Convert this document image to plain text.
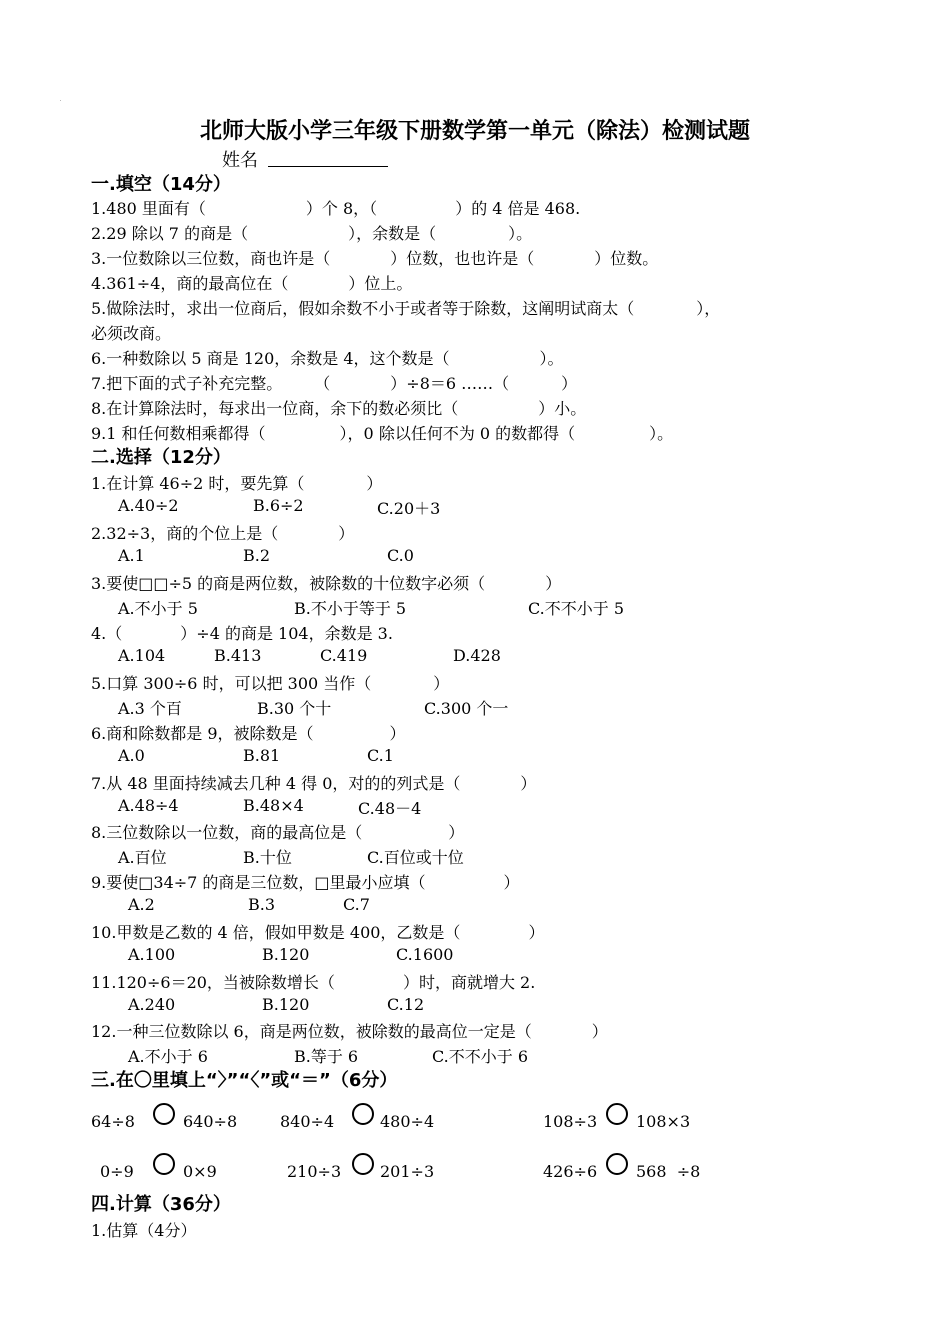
北师大版小学三年级下册数学第一单元（除法）检测试题
姓名
一.填空（14分）
1.480 里面有（	）个 8，（	）的 4 倍是 468.
2.29 除以 7 的商是（	），余数是（	）。
3.一位数除以三位数，商也许是（	）位数，也也许是（	）位数。
4.361÷4，商的最高位在（	）位上。
5.做除法时，求出一位商后，假如余数不小于或者等于除数，这阐明试商太（	），
必须改商。
6.一种数除以 5 商是 120，余数是 4，这个数是（	）。
7.把下面的式子补充完整。 （	）÷8＝6 ……（	）
8.在计算除法时，每求出一位商，余下的数必须比（	）小。
9.1 和任何数相乘都得（	），0 除以任何不为 0 的数都得（	）。
二.选择（12分）
1.在计算 46÷2 时，要先算（	）
A.40÷2	B.6÷2	C.20＋3
2.32÷3，商的个位上是（	）
A.1	B.2	C.0
3.要使□□÷5 的商是两位数，被除数的十位数字必须（	）
A.不小于 5	B.不小于等于 5	C.不不小于 5
4.（	）÷4 的商是 104，余数是 3.
A.104	B.413	C.419	D.428
5.口算 300÷6 时，可以把 300 当作（	）
A.3 个百	B.30 个十	C.300 个一
6.商和除数都是 9，被除数是（	）
A.0	B.81	C.1
7.从 48 里面持续减去几种 4 得 0，对的的列式是（	）
A.48÷4	B.48×4	C.48－4
8.三位数除以一位数，商的最高位是（	）
A.百位	B.十位	C.百位或十位
9.要使□34÷7 的商是三位数，□里最小应填（	）
A.2	B.3	C.7
10.甲数是乙数的 4 倍，假如甲数是 400，乙数是（	）
A.100	B.120	C.1600
11.120÷6＝20，当被除数增长（	）时，商就增大 2.
A.240	B.120	C.12
12.一种三位数除以 6，商是两位数，被除数的最高位一定是（	）
A.不小于 6	B.等于 6	C.不不小于 6
三.在〇里填上“〉”“〈”或“＝”（6分）
64÷8	640÷8	840÷4	480÷4	108÷3 108×3
0÷9	0×9	210÷3 201÷3	426÷6 568  ÷8
四.计算（36分）
1.估算（4分）
